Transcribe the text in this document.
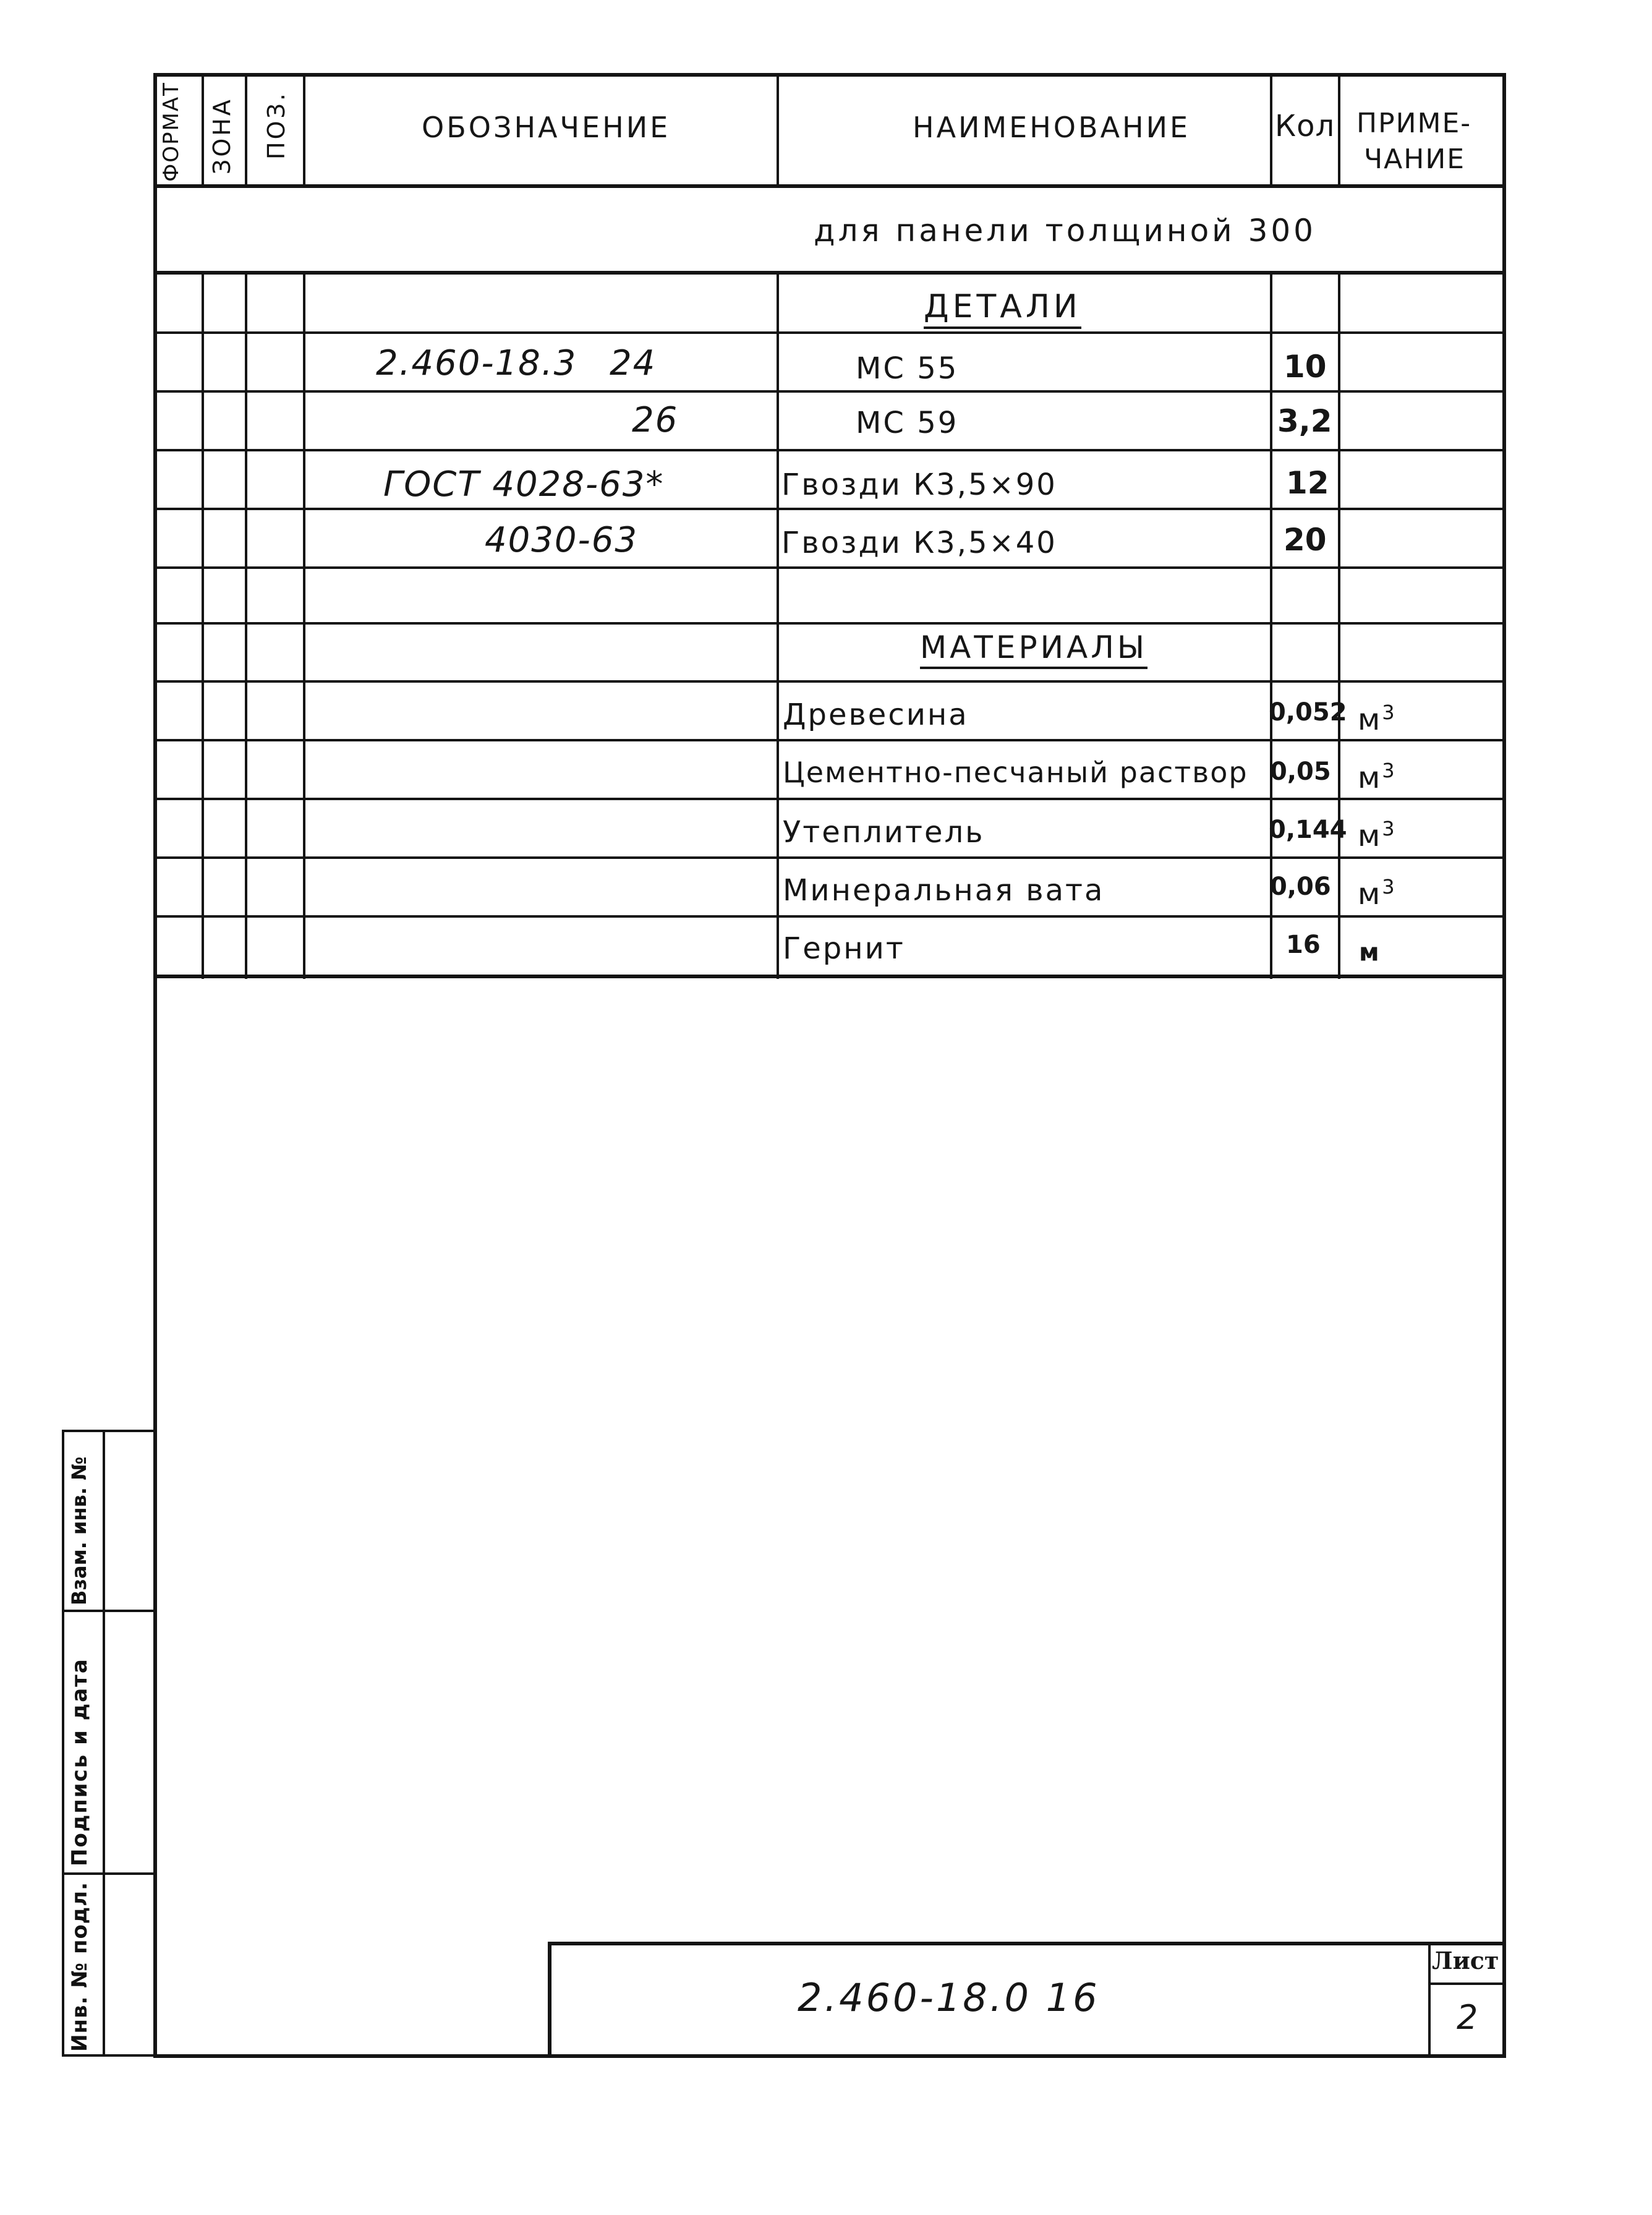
ФОРМАТ ЗОНА ПОЗ.	ОБОЗНАЧЕНИЕ	НАИМЕНОВАНИЕ	Кол ПРИМЕ-
ЧАНИЕ
для панели толщиной 300
ДЕТАЛИ
2.460-18.3 24	МС 55	10
26	МС 59	3,2
ГОСТ 4028-63*	Гвозди К3,5×90	12
4030-63	Гвозди К3,5×40	20
МАТЕРИАЛЫ
Древесина	0,052 $м^3$
Цементно-песчаный раствор 0,05 $м^3$
Утеплитель	0,144 $м^3$
Минеральная вата	0,06 $м^3$
Гернит	16 м
Инв. № подл.
Подпись и дата
Взам. инв. №
2.460-18.0 16
Лист
2
